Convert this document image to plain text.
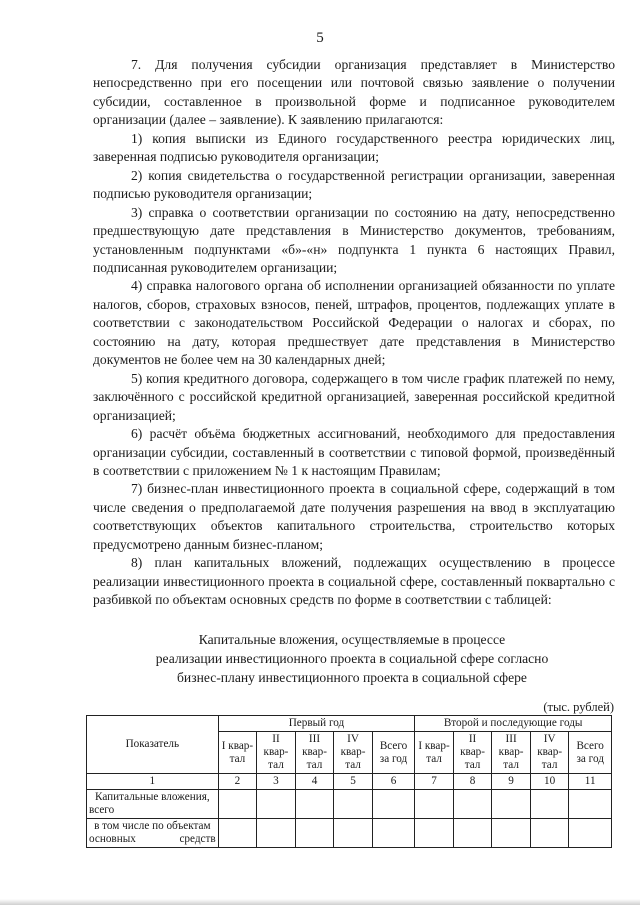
5

7. Для получения субсидии организация представляет в Министерство непосредственно при его посещении или почтовой связью заявление о получении субсидии, составленное в произвольной форме и подписанное руководителем организации (далее – заявление). К заявлению прилагаются:

1) копия выписки из Единого государственного реестра юридических лиц, заверенная подписью руководителя организации;

2) копия свидетельства о государственной регистрации организации, заверенная подписью руководителя организации;

3) справка о соответствии организации по состоянию на дату, непосредственно предшествующую дате представления в Министерство документов, требованиям, установленным подпунктами «б»-«н» подпункта 1 пункта 6 настоящих Правил, подписанная руководителем организации;

4) справка налогового органа об исполнении организацией обязанности по уплате налогов, сборов, страховых взносов, пеней, штрафов, процентов, подлежащих уплате в соответствии с законодательством Российской Федерации о налогах и сборах, по состоянию на дату, которая предшествует дате представления в Министерство документов не более чем на 30 календарных дней;

5) копия кредитного договора, содержащего в том числе график платежей по нему, заключённого с российской кредитной организацией, заверенная российской кредитной организацией;

6) расчёт объёма бюджетных ассигнований, необходимого для предоставления организации субсидии, составленный в соответствии с типовой формой, произведённый в соответствии с приложением № 1 к настоящим Правилам;

7) бизнес-план инвестиционного проекта в социальной сфере, содержащий в том числе сведения о предполагаемой дате получения разрешения на ввод в эксплуатацию соответствующих объектов капитального строительства, строительство которых предусмотрено данным бизнес-планом;

8) план капитальных вложений, подлежащих осуществлению в процессе реализации инвестиционного проекта в социальной сфере, составленный поквартально с разбивкой по объектам основных средств по форме в соответствии с таблицей:

Капитальные вложения, осуществляемые в процессе
реализации инвестиционного проекта в социальной сфере согласно
бизнес-плану инвестиционного проекта в социальной сфере
(тыс. рублей)
Показатель	Первый год					Второй и последующие годы				
	I квар-тал	II квар-тал	III квар-тал	IV квар-тал	Всего за год	I квар-тал	II квар-тал	III квар-тал	IV квар-тал	Всего за год
1	2	3	4	5	6	7	8	9	10	11
Капитальные вложения, всего										
в том числе по объектам основных средств										
